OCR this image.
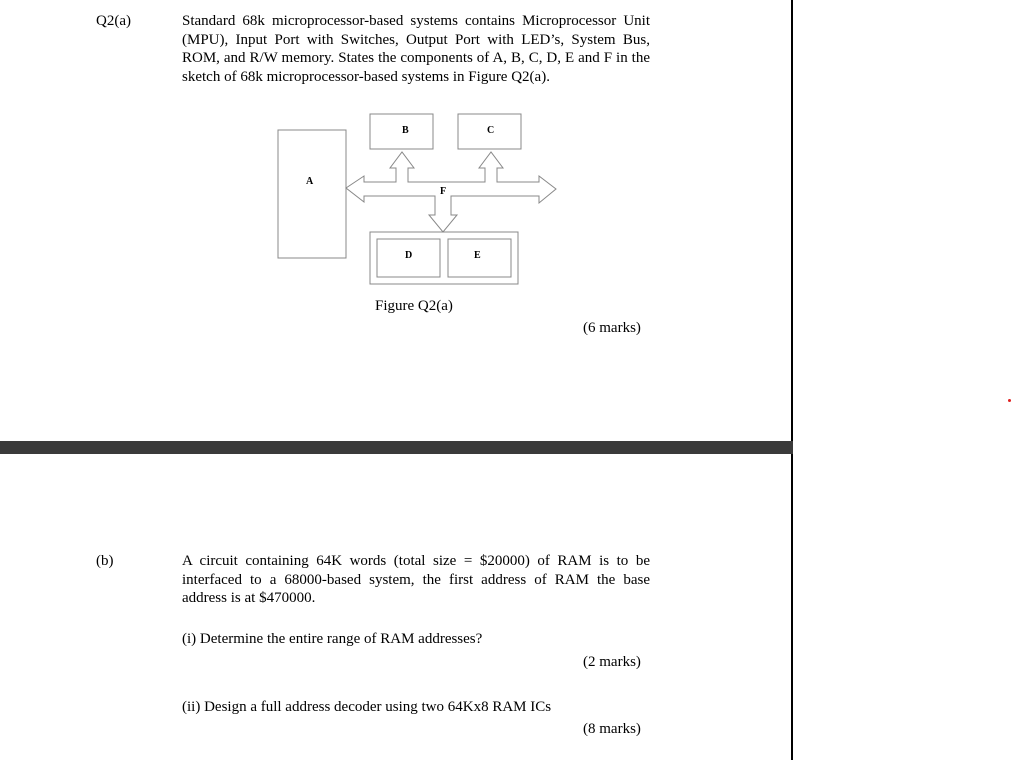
Q2(a)	Standard 68k microprocessor-based systems contains Microprocessor Unit (MPU), Input Port with Switches, Output Port with LED’s, System Bus, ROM, and R/W memory. States the components of A, B, C, D, E and F in the sketch of 68k microprocessor-based systems in Figure Q2(a).
A
B	C
F
D	E
Figure Q2(a)
(6 marks)
(b)	A circuit containing 64K words (total size = $20000) of RAM is to be interfaced to a 68000-based system, the first address of RAM the base address is at $470000.
(i) Determine the entire range of RAM addresses?
(2 marks)
(ii) Design a full address decoder using two 64Kx8 RAM ICs
(8 marks)
